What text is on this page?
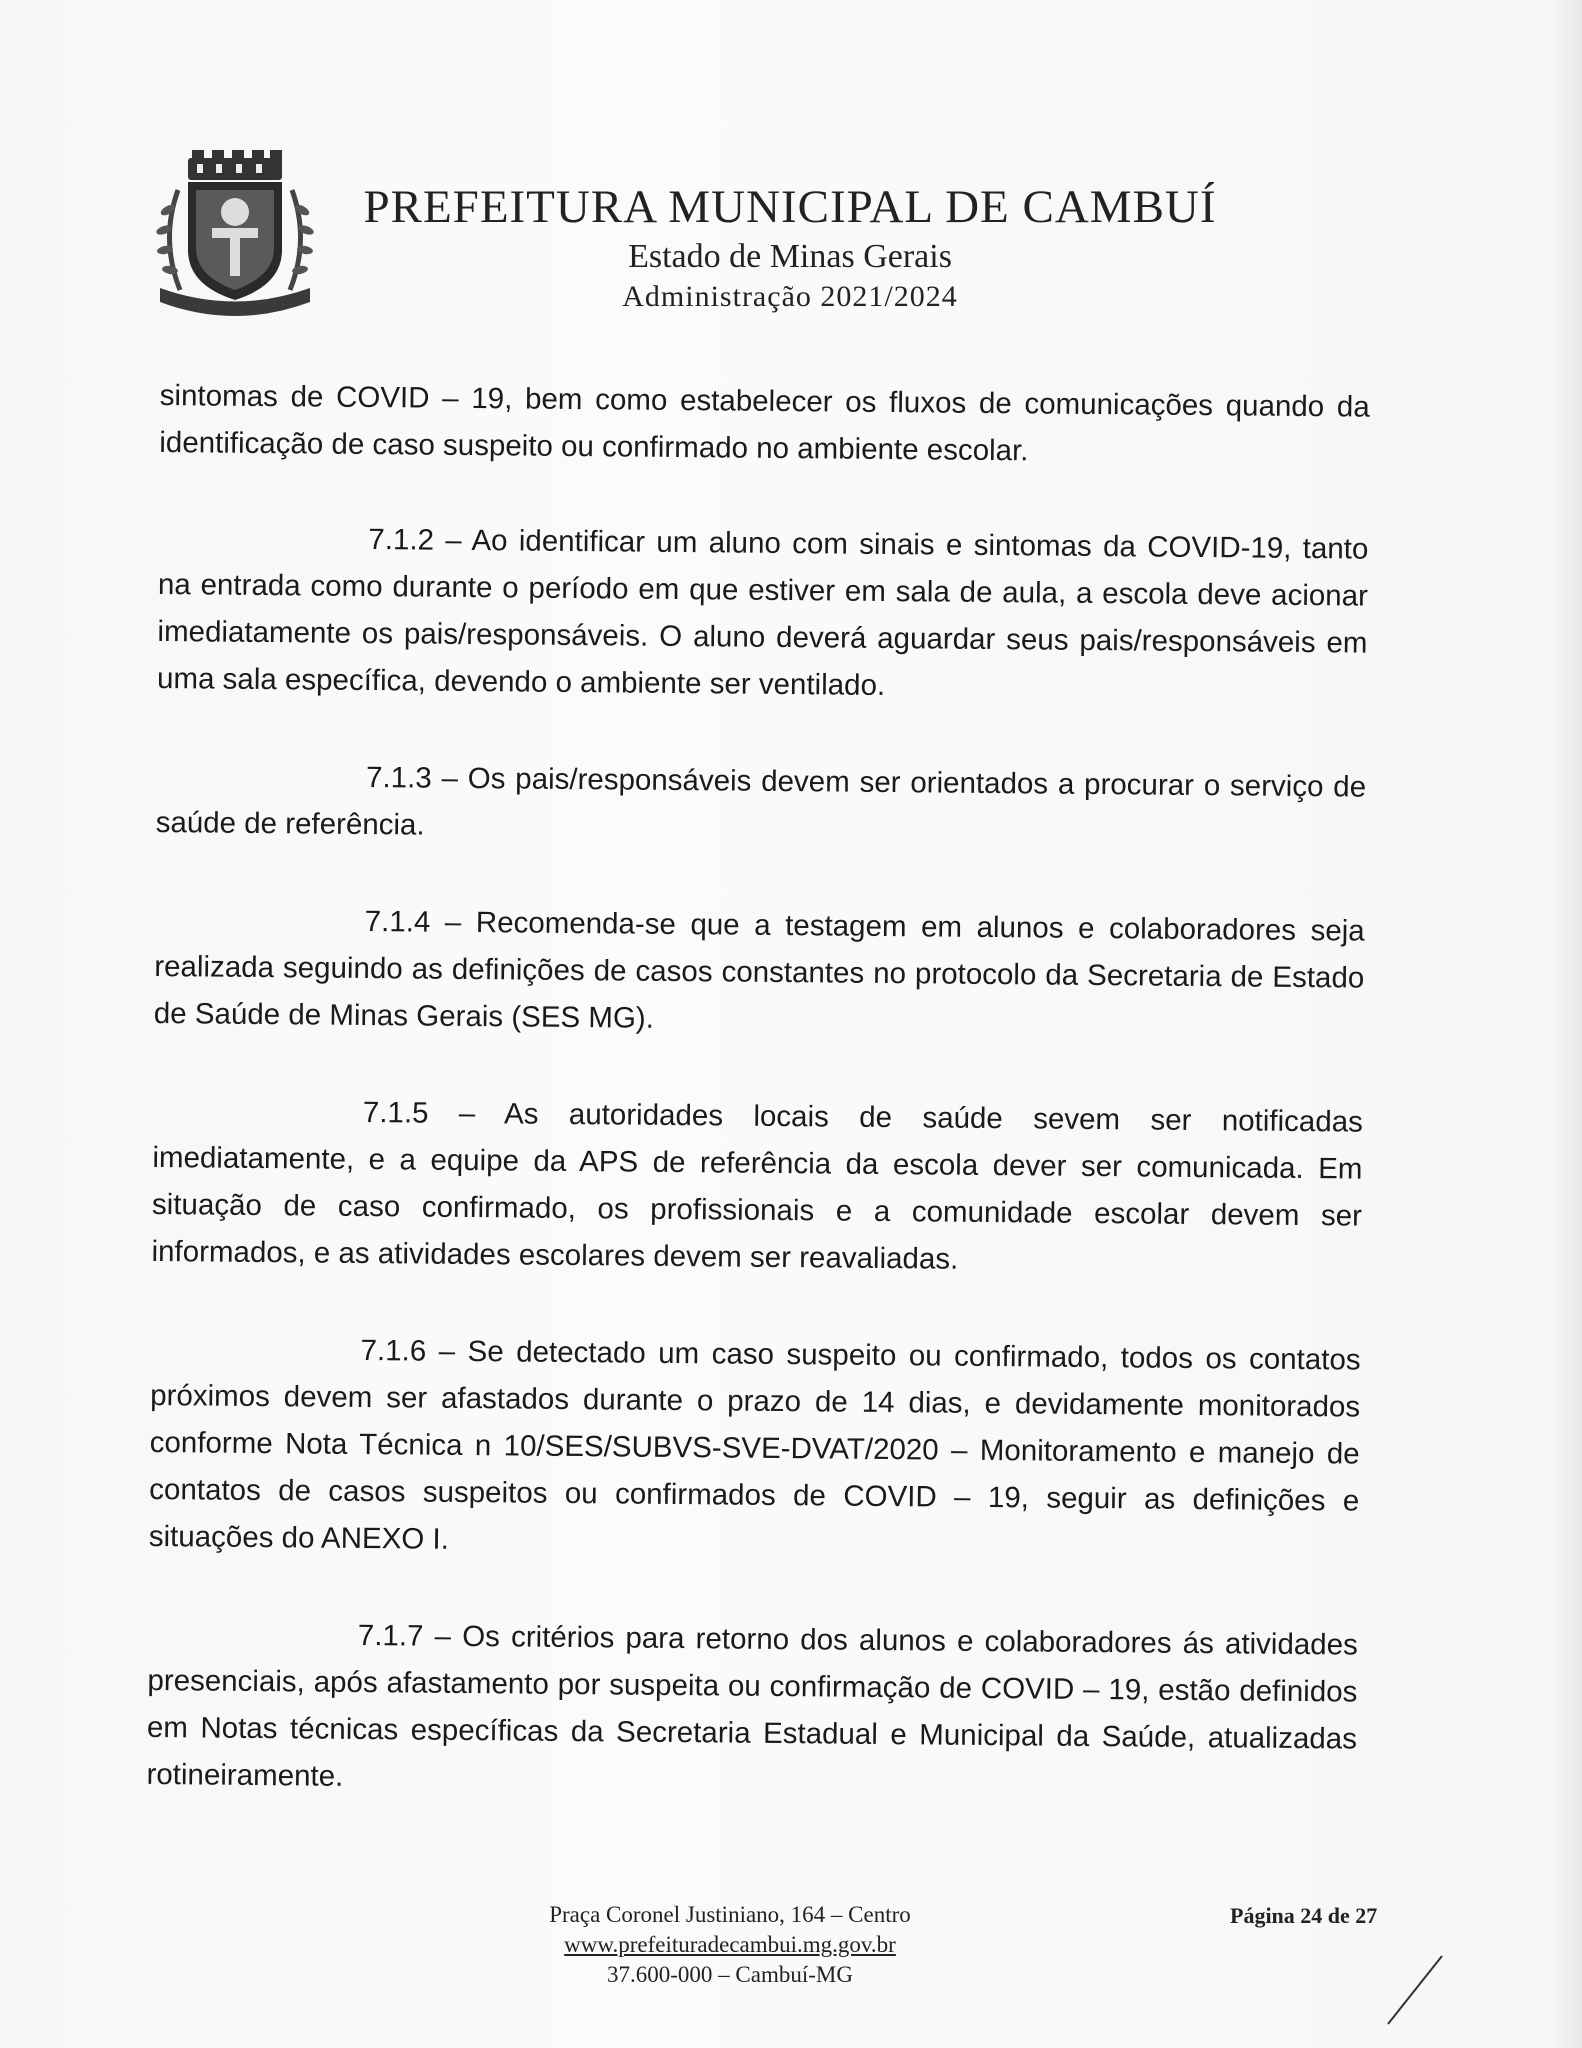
PREFEITURA MUNICIPAL DE CAMBUÍ
Estado de Minas Gerais
Administração 2021/2024

sintomas de COVID – 19, bem como estabelecer os fluxos de comunicações quando da identificação de caso suspeito ou confirmado no ambiente escolar.

7.1.2 – Ao identificar um aluno com sinais e sintomas da COVID-19, tanto na entrada como durante o período em que estiver em sala de aula, a escola deve acionar imediatamente os pais/responsáveis. O aluno deverá aguardar seus pais/responsáveis em uma sala específica, devendo o ambiente ser ventilado.

7.1.3 – Os pais/responsáveis devem ser orientados a procurar o serviço de saúde de referência.

7.1.4 – Recomenda-se que a testagem em alunos e colaboradores seja realizada seguindo as definições de casos constantes no protocolo da Secretaria de Estado de Saúde de Minas Gerais (SES MG).

7.1.5 – As autoridades locais de saúde sevem ser notificadas imediatamente, e a equipe da APS de referência da escola dever ser comunicada. Em situação de caso confirmado, os profissionais e a comunidade escolar devem ser informados, e as atividades escolares devem ser reavaliadas.

7.1.6 – Se detectado um caso suspeito ou confirmado, todos os contatos próximos devem ser afastados durante o prazo de 14 dias, e devidamente monitorados conforme Nota Técnica n 10/SES/SUBVS-SVE-DVAT/2020 – Monitoramento e manejo de contatos de casos suspeitos ou confirmados de COVID – 19, seguir as definições e situações do ANEXO I.

7.1.7 – Os critérios para retorno dos alunos e colaboradores ás atividades presenciais, após afastamento por suspeita ou confirmação de COVID – 19, estão definidos em Notas técnicas específicas da Secretaria Estadual e Municipal da Saúde, atualizadas rotineiramente.

Praça Coronel Justiniano, 164 – Centro
www.prefeituradecambui.mg.gov.br
37.600-000 – Cambuí-MG
Página 24 de 27
